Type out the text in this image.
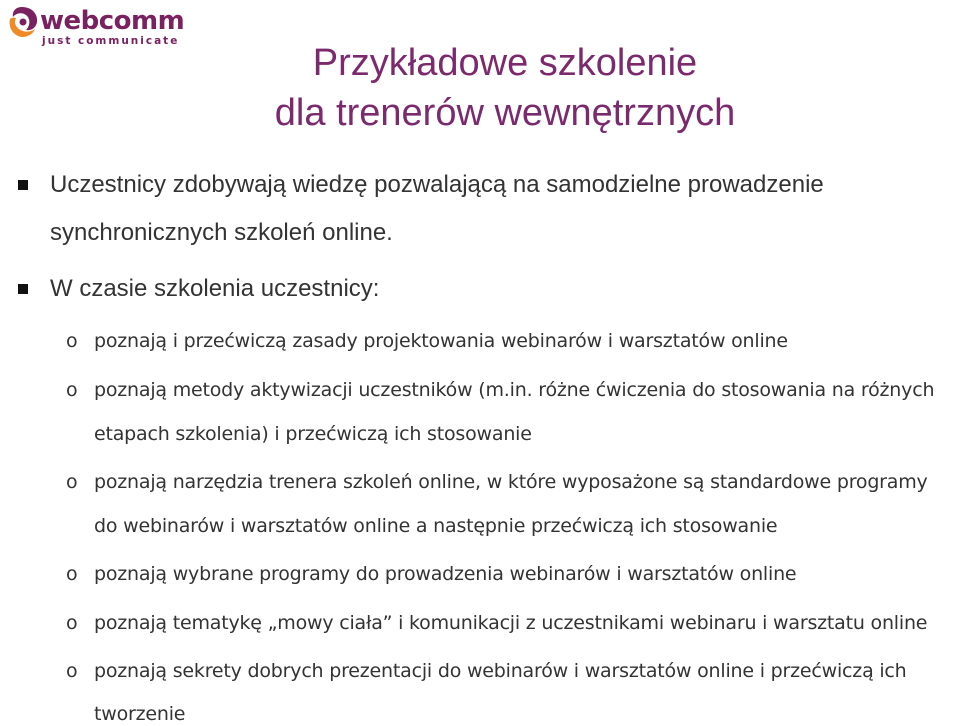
webcomm
just communicate
Przykładowe szkolenie
dla trenerów wewnętrznych
Uczestnicy zdobywają wiedzę pozwalającą na samodzielne prowadzenie
synchronicznych szkoleń online.
W czasie szkolenia uczestnicy:
o poznają i przećwiczą zasady projektowania webinarów i warsztatów online
o poznają metody aktywizacji uczestników (m.in. różne ćwiczenia do stosowania na różnych
etapach szkolenia) i przećwiczą ich stosowanie
o poznają narzędzia trenera szkoleń online, w które wyposażone są standardowe programy
do webinarów i warsztatów online a następnie przećwiczą ich stosowanie
o poznają wybrane programy do prowadzenia webinarów i warsztatów online
o poznają tematykę „mowy ciała” i komunikacji z uczestnikami webinaru i warsztatu online
o poznają sekrety dobrych prezentacji do webinarów i warsztatów online i przećwiczą ich
tworzenie
